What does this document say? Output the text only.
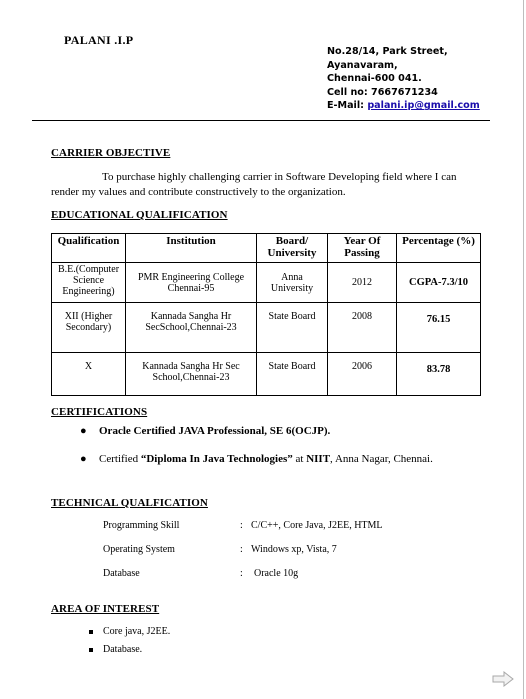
PALANI .I.P
No.28/14, Park Street,
Ayanavaram,
Chennai-600 041.
Cell no: 7667671234
E-Mail: palani.ip@gmail.com
CARRIER OBJECTIVE
To purchase highly challenging carrier in Software Developing field where I can render my values and contribute constructively to the organization.
EDUCATIONAL QUALIFICATION
Qualification	Institution	Board/ University	Year Of Passing	Percentage (%)
B.E.(Computer Science Engineering)	PMR Engineering College Chennai-95	Anna University	2012	CGPA-7.3/10
XII (Higher Secondary)	Kannada Sangha Hr SecSchool,Chennai-23	State Board	2008	76.15
X	Kannada Sangha Hr Sec School,Chennai-23	State Board	2006	83.78
CERTIFICATIONS
● Oracle Certified JAVA Professional, SE 6(OCJP).
● Certified “Diploma In Java Technologies” at NIIT, Anna Nagar, Chennai.
TECHNICAL QUALFICATION
Programming Skill	: C/C++, Core Java, J2EE, HTML
Operating System	: Windows xp, Vista, 7
Database	: Oracle 10g
AREA OF INTEREST
Core java, J2EE.
Database.
